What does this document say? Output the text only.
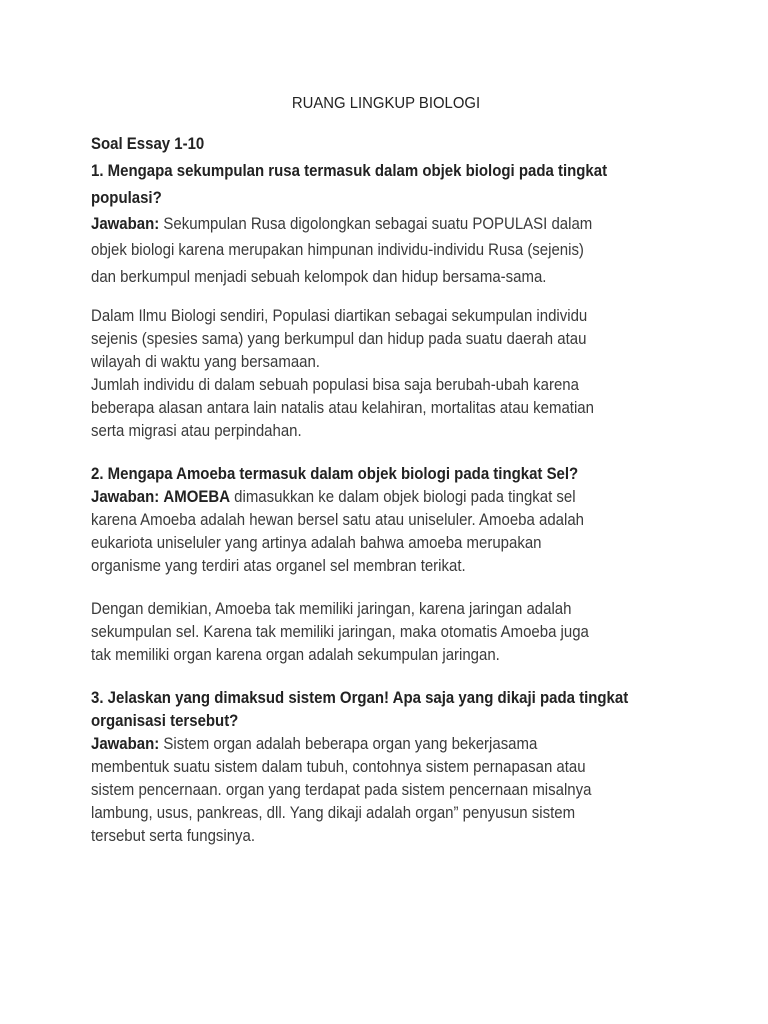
RUANG LINGKUP BIOLOGI
Soal Essay 1-10
1. Mengapa sekumpulan rusa termasuk dalam objek biologi pada tingkat
populasi?
Jawaban: Sekumpulan Rusa digolongkan sebagai suatu POPULASI dalam
objek biologi karena merupakan himpunan individu-individu Rusa (sejenis)
dan berkumpul menjadi sebuah kelompok dan hidup bersama-sama.
Dalam Ilmu Biologi sendiri, Populasi diartikan sebagai sekumpulan individu
sejenis (spesies sama) yang berkumpul dan hidup pada suatu daerah atau
wilayah di waktu yang bersamaan.
Jumlah individu di dalam sebuah populasi bisa saja berubah-ubah karena
beberapa alasan antara lain natalis atau kelahiran, mortalitas atau kematian
serta migrasi atau perpindahan.
2. Mengapa Amoeba termasuk dalam objek biologi pada tingkat Sel?
Jawaban: AMOEBA dimasukkan ke dalam objek biologi pada tingkat sel
karena Amoeba adalah hewan bersel satu atau uniseluler. Amoeba adalah
eukariota uniseluler yang artinya adalah bahwa amoeba merupakan
organisme yang terdiri atas organel sel membran terikat.
Dengan demikian, Amoeba tak memiliki jaringan, karena jaringan adalah
sekumpulan sel. Karena tak memiliki jaringan, maka otomatis Amoeba juga
tak memiliki organ karena organ adalah sekumpulan jaringan.
3. Jelaskan yang dimaksud sistem Organ! Apa saja yang dikaji pada tingkat
organisasi tersebut?
Jawaban: Sistem organ adalah beberapa organ yang bekerjasama
membentuk suatu sistem dalam tubuh, contohnya sistem pernapasan atau
sistem pencernaan. organ yang terdapat pada sistem pencernaan misalnya
lambung, usus, pankreas, dll. Yang dikaji adalah organ” penyusun sistem
tersebut serta fungsinya.
